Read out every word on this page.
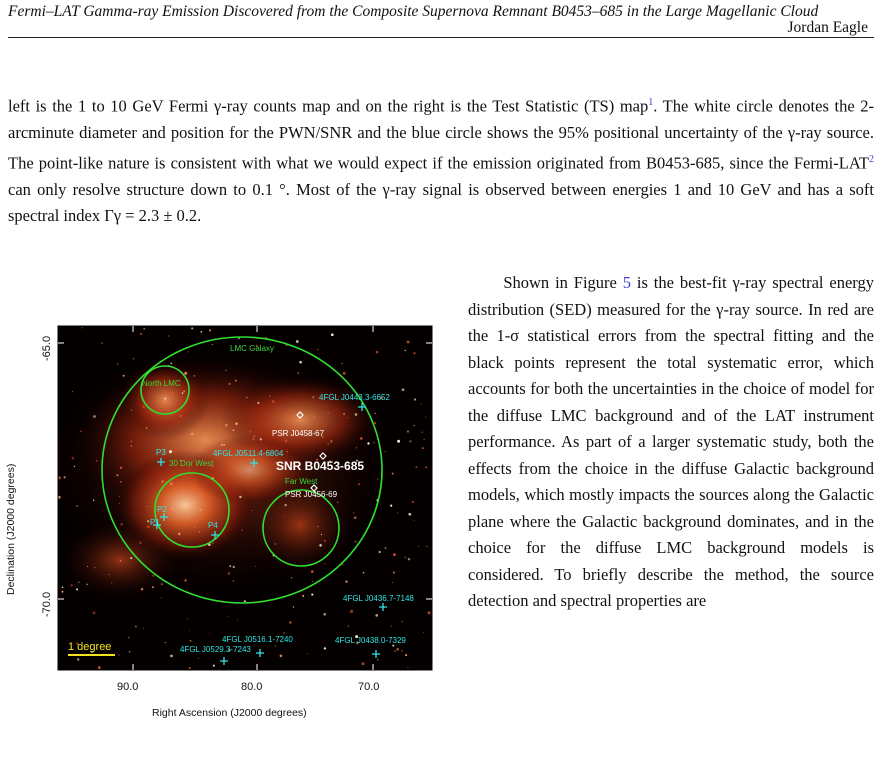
Fermi–LAT Gamma-ray Emission Discovered from the Composite Supernova Remnant B0453–685 in the Large Magellanic Cloud
Jordan Eagle
left is the 1 to 10 GeV Fermi γ-ray counts map and on the right is the Test Statistic (TS) map$^1$. The white circle denotes the 2-arcminute diameter and position for the PWN/SNR and the blue circle shows the 95% positional uncertainty of the γ-ray source. The point-like nature is consistent with what we would expect if the emission originated from B0453-685, since the Fermi-LAT$^2$ can only resolve structure down to 0.1 °. Most of the γ-ray signal is observed between energies 1 and 10 GeV and has a soft spectral index Γγ = 2.3 ± 0.2.
Shown in Figure 5 is the best-fit γ-ray spectral energy distribution (SED) measured for the γ-ray source. In red are the 1-σ statistical errors from the spectral fitting and the black points represent the total systematic error, which accounts for both the uncertainties in the choice of model for the diffuse LMC background and of the LAT instrument performance. As part of a larger systematic study, both the effects from the choice in the diffuse Galactic background models, which mostly impacts the sources along the Galactic plane where the Galactic background dominates, and in the choice for the diffuse LMC background models is considered. To briefly describe the method, the source detection and spectral properties are
LMC Galaxy
North LMC
P3
30 Dor West
P2
P1	P4
4FGL J0511.4-6804
4FGL J0443.3-6652
PSR J0458-67
SNR B0453-685
Far West
PSR J0456-69
4FGL J0436.7-7148
4FGL J0516.1-7240
4FGL J0529.3-7243
4FGL J0438.0-7329
1 degree
-65.0
-70.0
90.0	80.0	70.0
Declination (J2000 degrees)
Right Ascension (J2000 degrees)
